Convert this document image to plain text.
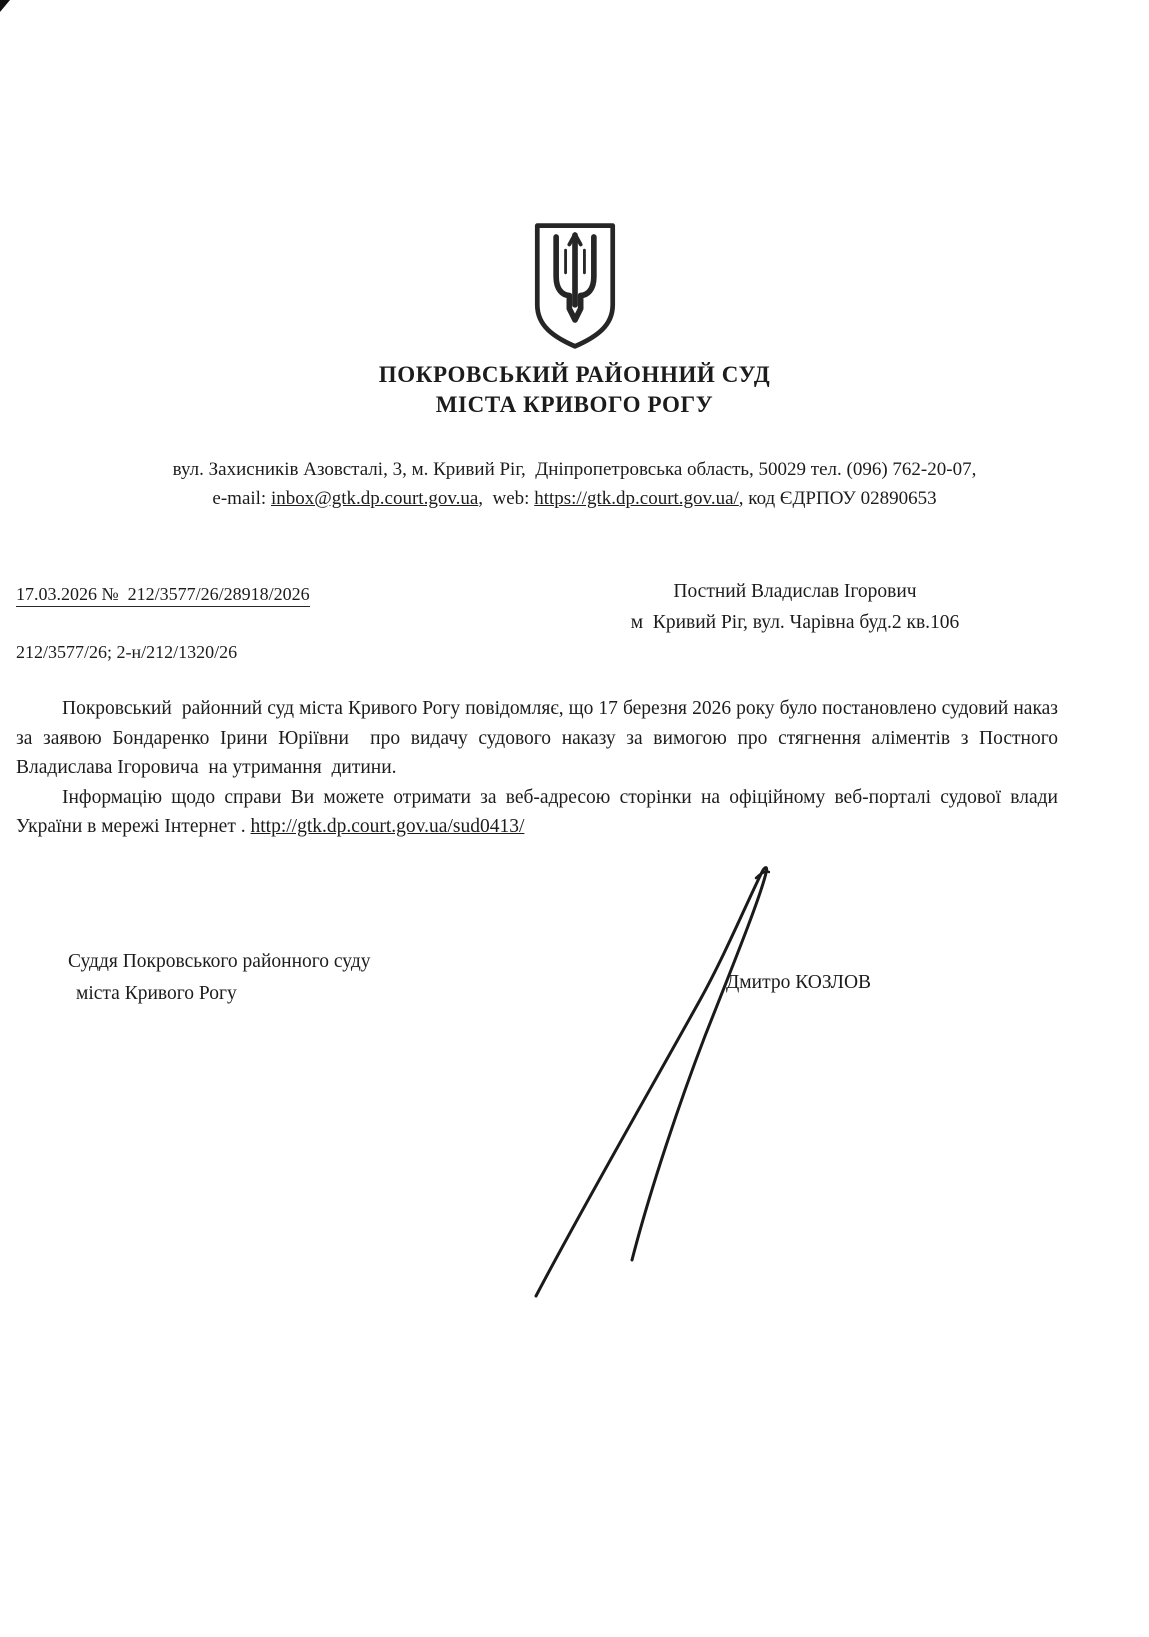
ПОКРОВСЬКИЙ РАЙОННИЙ СУД
МІСТА КРИВОГО РОГУ
вул. Захисників Азовсталі, 3, м. Кривий Ріг,  Дніпропетровська область, 50029 тел. (096) 762-20-07,
e-mail: inbox@gtk.dp.court.gov.ua,  web: https://gtk.dp.court.gov.ua/, код ЄДРПОУ 02890653
17.03.2026 №  212/3577/26/28918/2026	Постний Владислав Ігорович
м  Кривий Ріг, вул. Чарівна буд.2 кв.106
212/3577/26; 2-н/212/1320/26

Покровський  районний суд міста Кривого Рогу повідомляє, що 17 березня 2026 року було постановлено судовий наказ за заявою Бондаренко Ірини Юріївни  про видачу судового наказу за вимогою про стягнення аліментів з Постного Владислава Ігоровича  на утримання  дитини.

Інформацію щодо справи Ви можете отримати за веб-адресою сторінки на офіційному веб-порталі судової влади України в мережі Інтернет . http://gtk.dp.court.gov.ua/sud0413/

Суддя Покровського районного суду
міста Кривого Рогу
Дмитро КОЗЛОВ
